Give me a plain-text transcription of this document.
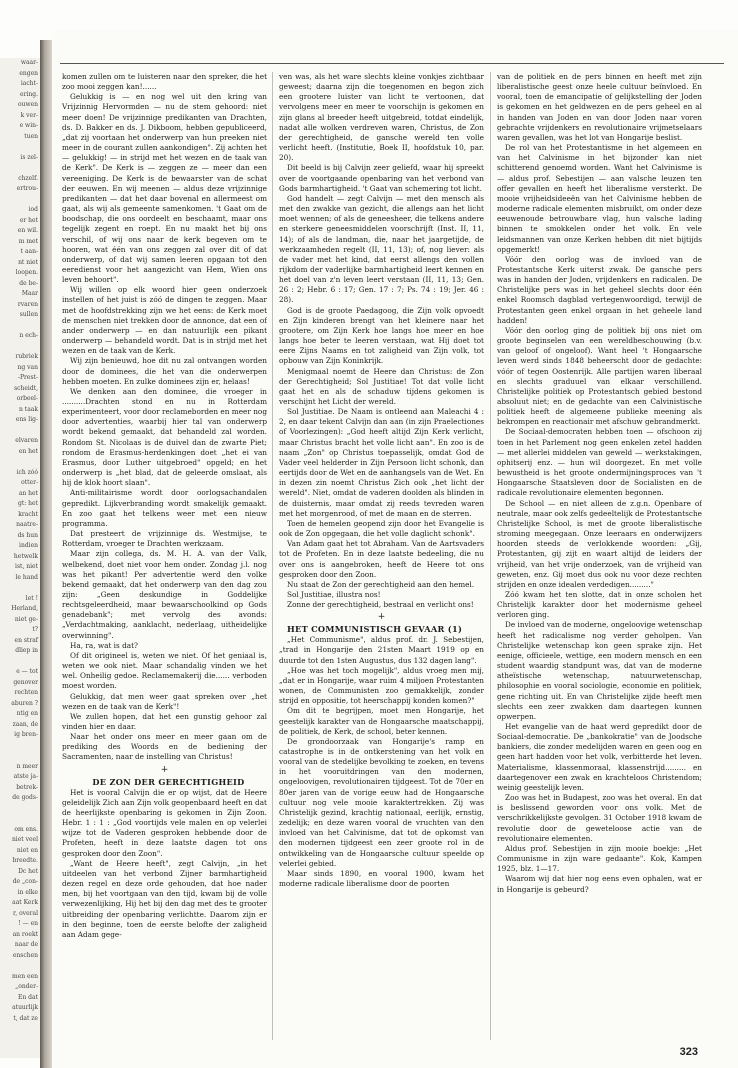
waar-

engen

iacht-

ering.

ouwen

k ver-

e win-

tuen

is zel-

chzelf.

ertrou-

iod

er het

en wil.

m met

t aan-

nt niet

loopen.

de be-

Maar

rvaren

sullen

n ech-

rubriek

ng van

-Prest-

scheidt,

orbeel-

n taak

ens lig-

elvaren

en het

ich zóó

otter-

an het

gt: het

kracht

naatre-

ds hun

indien

hetwelk

ist, niet

le hand

let !

Herland,

niet ge-

t?

en straf

dliep in

e — tot

genover

rechten

aburen ?

ntig en

zaan, de

ig bren-

n meer

atste ja-

betrek-

de gods-

om ens.

niet veel

niet en

breedte.

Dc het

de „con-

in elke

aat Kerk

r, overal

! — en

an roekt

naar de

enschen

men een

„onder-

En dat

atuurlijk

t, dat ze

komen zullen om te luisteren naar den spreker, die het zoo mooi zeggen kan!......

Gelukkig is — en nog wel uit den kring van Vrijzinnig Hervormden — nu de stem gehoord: niet meer doen! De vrijzinnige predikanten van Drachten, ds. D. Bakker en ds. J. Dikboom, hebben gepubliceerd, „dat zij voortaan het onderwerp van hun preeken niet meer in de courant zullen aankondigen". Zij achten het — gelukkig! — in strijd met het wezen en de taak van de Kerk". De Kerk is — zeggen ze — meer dan een vereeniging. De Kerk is de bewaarster van de schat der eeuwen. En wij meenen — aldus deze vrijzinnige predikanten — dat het daar bovenal en allermeest om gaat, als wij als gemeente samenkomen. 't Gaat om de boodschap, die ons oordeelt en beschaamt, maar ons tegelijk zegent en roept. En nu maakt het bij ons verschil, of wij ons naar de kerk begeven om te hooren, wat één van ons zeggen zal over dit of dat onderwerp, of dat wij samen leeren opgaan tot den eeredienst voor het aangezicht van Hem, Wien ons leven behoort".

Wij willen op elk woord hier geen onderzoek instellen of het juist is zóó de dingen te zeggen. Maar met de hoofdstrekking zijn we het eens: de Kerk moet de menschen niet trekken door de annonce, dat een of ander onderwerp — en dan natuurlijk een pikant onderwerp — behandeld wordt. Dat is in strijd met het wezen en de taak van de Kerk.

Wij zijn benieuwd, hoe dit nu zal ontvangen worden door de dominees, die het van die onderwerpen hebben moeten. En zulke dominees zijn er, helaas!

We denken aan den dominee, die vroeger in ..........Drachten stond en nu in Rotterdam experimenteert, voor door reclameborden en meer nog door advertenties, waarbij hier tal van onderwerp wordt bekend gemaakt, dat behandeld zal worden. Rondom St. Nicolaas is de duivel dan de zwarte Piet; rondom de Erasmus-herdenkingen doet „het ei van Erasmus, door Luther uitgebroed" opgeld; en het onderwerp is „het blad, dat de geleerde omslaat, als hij de klok hoort slaan".

Anti-militairisme wordt door oorlogsachandalen gepredikt. Lijkverbranding wordt smakelijk gemaakt. En zoo gaat het telkens weer met een nieuw programma.

Dat presteert de vrijzinnige ds. Westmijse, te Rotterdam, vroeger te Drachten werkzaam.

Maar zijn collega, ds. M. H. A. van der Valk, welbekend, doet niet voor hem onder. Zondag j.l. nog was het pikant! Per advertentie werd den volke bekend gemaakt, dat het onderwerp van den dag zou zijn: „Geen deskundige in Goddelijke rechtsgeleerdheid, maar bewaarschoolkind op Gods genadebank"; met vervolg des avonds: „Verdachtmaking, aanklacht, nederlaag, uitheidelijke overwinning".

Ha, ra, wat is dat?

Of dit origineel is, weten we niet. Of het geniaal is, weten we ook niet. Maar schandalig vinden we het wel. Onheilig gedoe. Reclamemakerij die...... verboden moest worden.

Gelukkig, dat men weer gaat spreken over „het wezen en de taak van de Kerk"!

We zullen hopen, dat het een gunstig gehoor zal vinden hier en daar.

Naar het onder ons meer en meer gaan om de prediking des Woords en de bediening der Sacramenten, naar de instelling van Christus!

+

DE ZON DER GERECHTIGHEID

Het is vooral Calvijn die er op wijst, dat de Heere geleidelijk Zich aan Zijn volk geopenbaard heeft en dat de heerlijkste openbaring is gekomen in Zijn Zoon. Hebr. 1 : 1 : „God voortijds vele malen en op velerlei wijze tot de Vaderen gesproken hebbende door de Profeten, heeft in deze laatste dagen tot ons gesproken door den Zoon".

„Want de Heere heeft", zegt Calvijn, „in het uitdeelen van het verbond Zijner barmhartigheid dezen regel en deze orde gehouden, dat hoe nader men, bij het voortgaan van den tijd, kwam bij de volle verwezenlijking, Hij het bij den dag met des te grooter uitbreiding der openbaring verlichtte. Daarom zijn er in den beginne, toen de eerste belofte der zaligheid aan Adam gege-

ven was, als het ware slechts kleine vonkjes zichtbaar geweest; daarna zijn die toegenomen en begon zich een grootere luister van licht te vertoonen, dat vervolgens meer en meer te voorschijn is gekomen en zijn glans al breeder heeft uitgebreid, totdat eindelijk, nadat alle wolken verdreven waren, Christus, de Zon der gerechtigheid, de gansche wereld ten volle verlicht heeft. (Institutie, Boek II, hoofdstuk 10, par. 20).

Dit beeld is bij Calvijn zeer geliefd, waar hij spreekt over de voortgaande openbaring van het verbond van Gods barmhartigheid. 't Gaat van schemering tot licht.

God handelt — zegt Calvijn — met den mensch als met den zwakke van gezicht, die allengs aan het licht moet wennen; of als de geneesheer, die telkens andere en sterkere geneesmiddelen voorschrijft (Inst. II, 11, 14); of als de landman, die, naar het jaargetijde, de werkzaamheden regelt (II, 11, 13); of, nog liever: als de vader met het kind, dat eerst allengs den vollen rijkdom der vaderlijke barmhartigheid leert kennen en het doel van z'n leven leert verstaan (II, 11, 13; Gen. 26 : 2; Hebr. 6 : 17; Gen. 17 : 7; Ps. 74 : 19; Jer. 46 : 28).

God is de groote Paedagoog, die Zijn volk opvoedt en Zijn kinderen brengt van het kleinere naar het grootere, om Zijn Kerk hoe langs hoe meer en hoe langs hoe beter te leeren verstaan, wat Hij doet tot eere Zijns Naams en tot zaligheid van Zijn volk, tot opbouw van Zijn Koninkrijk.

Menigmaal noemt de Heere dan Christus: de Zon der Gerechtigheid; Sol Justitiae! Tot dat volle licht gaat het en als de schaduw tijdens gekomen is verschijnt het Licht der wereld.

Sol Justitiae. De Naam is ontleend aan Maleachi 4 : 2, en daar tekent Calvijn dan aan (in zijn Praelectiones of Voorlezingen): „God heeft altijd Zijn Kerk verlicht, maar Christus bracht het volle licht aan". En zoo is de naam „Zon" op Christus toepasselijk, omdat God de Vader veel helderder in Zijn Persoon licht schonk, dan eertijds door de Wet en de aanhangsels van de Wet. En in dezen zin noemt Christus Zich ook „het licht der wereld". Niet, omdat de vaderen doolden als blinden in de duisternis, maar omdat zij reeds tevreden waren met het morgenrood, of met de maan en de sterren.

Toen de hemelen geopend zijn door het Evangelie is ook de Zon opgegaan, die het volle daglicht schonk".

Van Adam gaat het tot Abraham. Van de Aartsvaders tot de Profeten. En in deze laatste bedeeling, die nu over ons is aangebroken, heeft de Heere tot ons gesproken door den Zoon.

Nu staat de Zon der gerechtigheid aan den hemel.

Sol Justitiae, illustra nos!

Zonne der gerechtigheid, bestraal en verlicht ons!

+

HET COMMUNISTISCH GEVAAR (1)

„Het Communisme", aldus prof. dr. J. Sebestijen, „trad in Hongarije den 21sten Maart 1919 op en duurde tot den 1sten Augustus, dus 132 dagen lang".

„Hoe was het toch mogelijk", aldus vroeg men mij, „dat er in Hongarije, waar ruim 4 miljoen Protestanten wonen, de Communisten zoo gemakkelijk, zonder strijd en oppositie, tot heerschappij konden komen?"

Om dit te begrijpen, moet men Hongarije, het geestelijk karakter van de Hongaarsche maatschappij, de politiek, de Kerk, de school, beter kennen.

De grondoorzaak van Hongarije's ramp en catastrophe is in de ontkerstening van het volk en vooral van de stedelijke bevolking te zoeken, en tevens in het vooruitdringen van den modernen, ongeloovigen, revolutionairen tijdgeest. Tot de 70er en 80er jaren van de vorige eeuw had de Hongaarsche cultuur nog vele mooie karaktertrekken. Zij was Christelijk gezind, krachtig nationaal, eerlijk, ernstig, zedelijk; en deze waren vooral de vruchten van den invloed van het Calvinisme, dat tot de opkomst van den modernen tijdgeest een zeer groote rol in de ontwikkeling van de Hongaarsche cultuur speelde op velerlei gebied.

Maar sinds 1890, en vooral 1900, kwam het moderne radicale liberalisme door de poorten

van de politiek en de pers binnen en heeft met zijn liberalistische geest onze heele cultuur beïnvloed. En vooral, toen de emancipatie of gelijkstelling der Joden is gekomen en het geldwezen en de pers geheel en al in handen van Joden en van door Joden naar voren gebrachte vrijdenkers en revolutionaire vrijmetselaars waren gevallen, was het lot van Hongarije beslist.

De rol van het Protestantisme in het algemeen en van het Calvinisme in het bijzonder kan niet schitterend genoemd worden. Want het Calvinisme is — aldus prof. Sebestijen — aan valsche leuzen ten offer gevallen en heeft het liberalisme versterkt. De mooie vrijheidsideeën van het Calvinisme hebben de moderne radicale elementen misbruikt, om onder deze eeuwenoude betrouwbare vlag, hun valsche lading binnen te smokkelen onder het volk. En vele leidsmannen van onze Kerken hebben dit niet bijtijds opgemerkt!

Vóór den oorlog was de invloed van de Protestantsche Kerk uiterst zwak. De gansche pers was in handen der Joden, vrijdenkers en radicalen. De Christelijke pers was in het geheel slechts door één enkel Roomsch dagblad vertegenwoordigd, terwijl de Protestanten geen enkel orgaan in het geheele land hadden!

Vóór den oorlog ging de politiek bij ons niet om groote beginselen van een wereldbeschouwing (b.v. van geloof of ongeloof). Want heel 't Hongaarsche leven werd sinds 1848 beheerscht door de gedachte: vóór of tegen Oostenrijk. Alle partijen waren liberaal en slechts graduuel van elkaar verschillend. Christelijke politiek op Protestantsch gebied bestond absoluut niet; en de gedachte van een Calvinistische politiek heeft de algemeene publieke meening als bekrompen en reactionair met afschuw gebrandmerkt.

De Sociaal-democraten hebben toen — ofschoon zij toen in het Parlement nog geen enkelen zetel hadden — met allerlei middelen van geweld — werkstakingen, ophitserij enz. — hun wil doorgezet. En met volle bewustheid is het groote ondermijningsproces van 't Hongaarsche Staatsleven door de Socialisten en de radicale revolutionaire elementen begonnen.

De School — en niet alleen de z.g.n. Openbare of neutrale, maar ook zelfs gedeeltelijk de Protestantsche Christelijke School, is met de groote liberalistische stroming meegegaan. Onze leeraars en onderwijzers hoorden steeds de verlokkende woorden: „Gij, Protestanten, gij zijt en waart altijd de leiders der vrijheid, van het vrije onderzoek, van de vrijheid van geweten, enz. Gij moet dus ook nu voor deze rechten strijden en onze idealen verdedigen........."

Zóó kwam het ten slotte, dat in onze scholen het Christelijk karakter door het modernisme geheel verloren ging.

De invloed van de moderne, ongeloovige wetenschap heeft het radicalisme nog verder geholpen. Van Christelijke wetenschap kon geen sprake zijn. Het eenige, officieele, wettige, een modern mensch en een student waardig standpunt was, dat van de moderne atheïstische wetenschap, natuurwetenschap, philosophie en vooral sociologie, economie en politiek, gene richting uit. En van Christelijke zijde heeft men slechts een zeer zwakken dam daartegen kunnen opwerpen.

Het evangelie van de haat werd gepredikt door de Sociaal-democratie. De „bankokratie" van de Joodsche bankiers, die zonder medelijden waren en geen oog en geen hart hadden voor het volk, verbitterde het leven. Materialisme, klassenmoraal, klassenstrijd......... en daartegenover een zwak en krachteloos Christendom; weinig geestelijk leven.

Zoo was het in Budapest, zoo was het overal. En dat is beslissend geworden voor ons volk. Met de verschrikkelijkste gevolgen. 31 October 1918 kwam de revolutie door de geweteloose actie van de revolutionaire elementen.

Aldus prof. Sebestijen in zijn mooie boekje: „Het Communisme in zijn ware gedaante". Kok, Kampen 1925, blz. 1—17.

Waarom wij dat hier nog eens even ophalen, wat er in Hongarije is gebeurd?

323
